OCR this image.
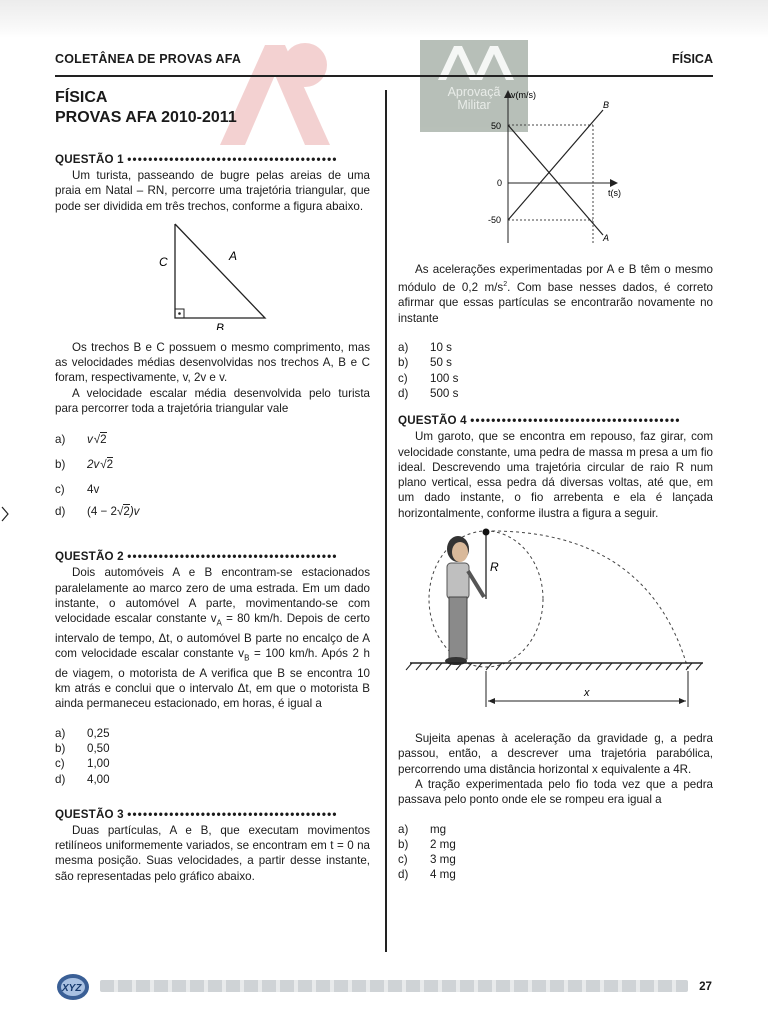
Aprovaçã
Militar
COLETÂNEA DE PROVAS AFA	FÍSICA
FÍSICA
PROVAS AFA 2010-2011
QUESTÃO 1 ••••••••••••••••••••••••••••••••••••••••

Um turista, passeando de bugre pelas areias de uma praia em Natal – RN, percorre uma trajetória triangular, que pode ser dividida em três trechos, conforme a figura abaixo.

C	A
B

Os trechos B e C possuem o mesmo comprimento, mas as velocidades médias desenvolvidas nos trechos A, B e C foram, respectivamente, v, 2v e v.

A velocidade escalar média desenvolvida pelo turista para percorrer toda a trajetória triangular vale

a)	v √ 2
b)	2v √ 2
c)	4v
d)	(4 − 2 √ 2 )v
QUESTÃO 2 ••••••••••••••••••••••••••••••••••••••••

Dois automóveis A e B encontram-se estacionados paralelamente ao marco zero de uma estrada. Em um dado instante, o automóvel A parte, movimentando-se com velocidade escalar constante $v_A = 80$ km/h. Depois de certo intervalo de tempo, Δt, o automóvel B parte no encalço de A com velocidade escalar constante $v_B = 100$ km/h. Após 2 h de viagem, o motorista de A verifica que B se encontra 10 km atrás e conclui que o intervalo Δt, em que o motorista B ainda permaneceu estacionado, em horas, é igual a

a)	0,25
b)	0,50
c)	1,00
d)	4,00
QUESTÃO 3 ••••••••••••••••••••••••••••••••••••••••

Duas partículas, A e B, que executam movimentos retilíneos uniformemente variados, se encontram em t = 0 na mesma posição. Suas velocidades, a partir desse instante, são representadas pelo gráfico abaixo.

v(m/s)
t(s)
50
0
-50
B
A

As acelerações experimentadas por A e B têm o mesmo módulo de 0,2 $m/s^2$. Com base nesses dados, é correto afirmar que essas partículas se encontrarão novamente no instante

a)	10 s
b)	50 s
c)	100 s
d)	500 s
QUESTÃO 4 ••••••••••••••••••••••••••••••••••••••••

Um garoto, que se encontra em repouso, faz girar, com velocidade constante, uma pedra de massa m presa a um fio ideal. Descrevendo uma trajetória circular de raio R num plano vertical, essa pedra dá diversas voltas, até que, em um dado instante, o fio arrebenta e ela é lançada horizontalmente, conforme ilustra a figura a seguir.

R
x

Sujeita apenas à aceleração da gravidade g, a pedra passou, então, a descrever uma trajetória parabólica, percorrendo uma distância horizontal x equivalente a 4R.

A tração experimentada pelo fio toda vez que a pedra passava pelo ponto onde ele se rompeu era igual a

a)	mg
b)	2 mg
c)	3 mg
d)	4 mg
XYZ	27
